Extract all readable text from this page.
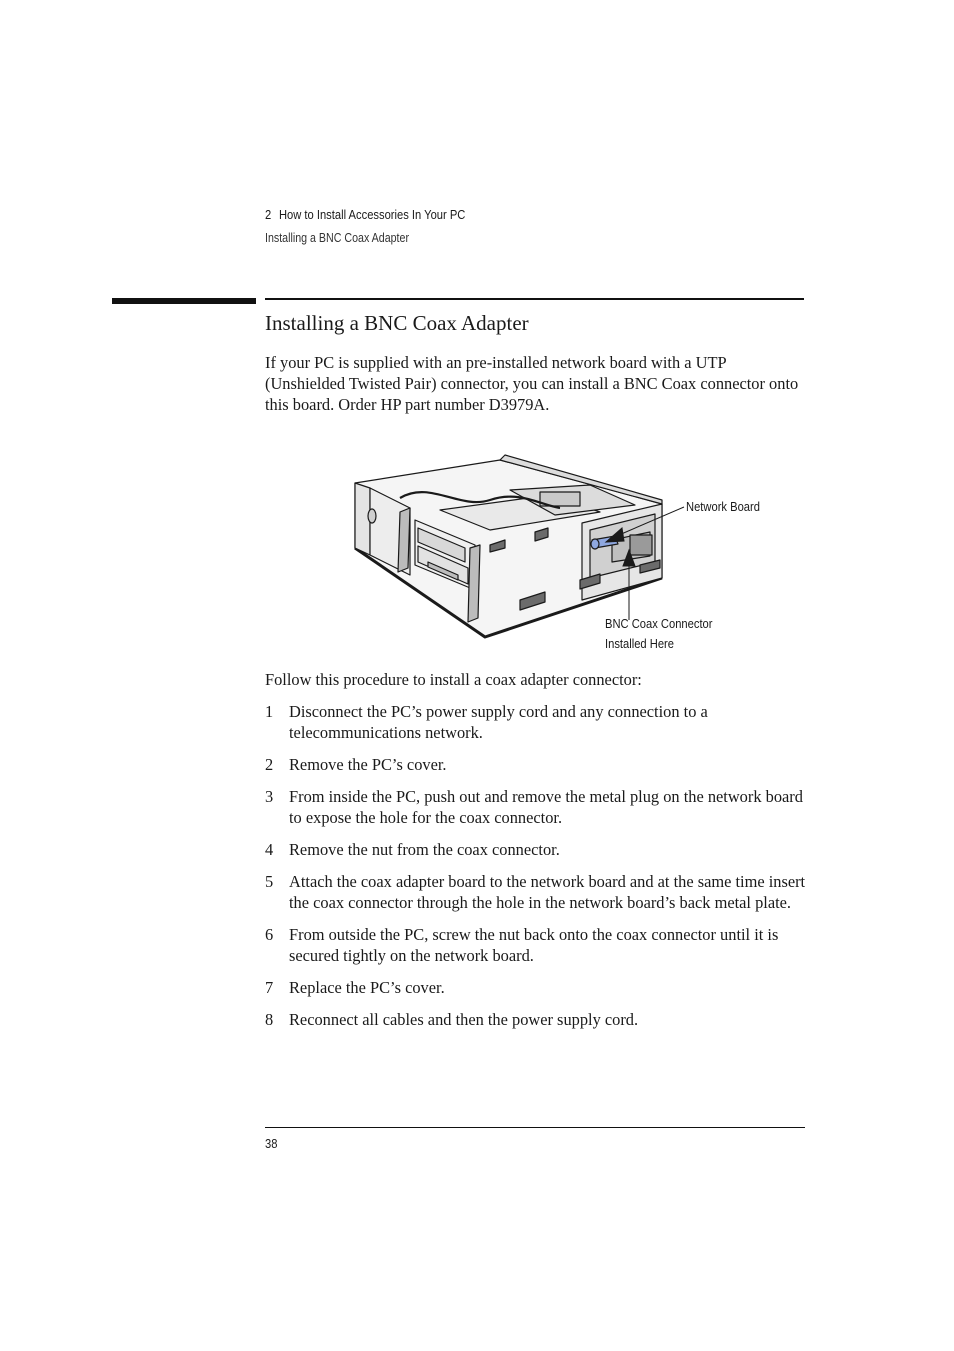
2 How to Install Accessories In Your PC
Installing a BNC Coax Adapter
Installing a BNC Coax Adapter

If your PC is supplied with an pre-installed network board with a UTP (Unshielded Twisted Pair) connector, you can install a BNC Coax connector onto this board. Order HP part number D3979A.

Network Board
BNC Coax Connector
Installed Here

Follow this procedure to install a coax adapter connector:

1 Disconnect the PC’s power supply cord and any connection to a telecommunications network.
2 Remove the PC’s cover.
3 From inside the PC, push out and remove the metal plug on the network board to expose the hole for the coax connector.
4 Remove the nut from the coax connector.
5 Attach the coax adapter board to the network board and at the same time insert the coax connector through the hole in the network board’s back metal plate.
6 From outside the PC, screw the nut back onto the coax connector until it is secured tightly on the network board.
7 Replace the PC’s cover.
8 Reconnect all cables and then the power supply cord.
38
